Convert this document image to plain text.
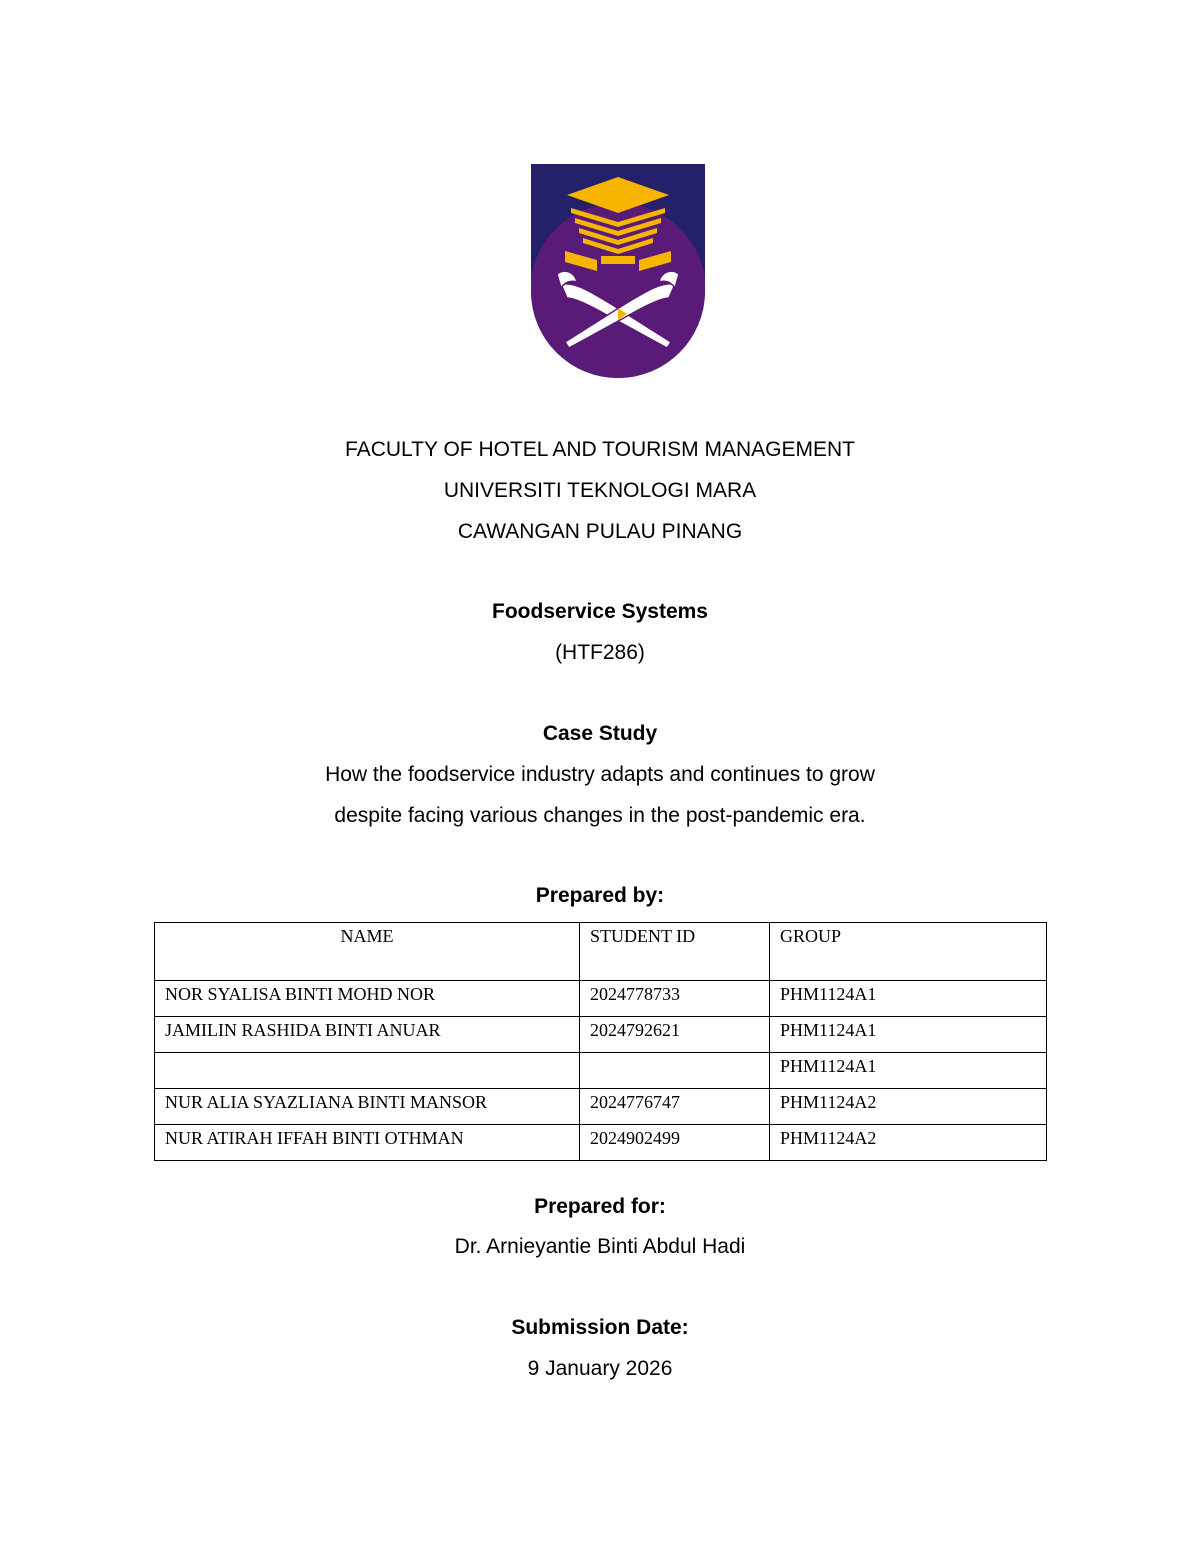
FACULTY OF HOTEL AND TOURISM MANAGEMENT
UNIVERSITI TEKNOLOGI MARA
CAWANGAN PULAU PINANG
Foodservice Systems
(HTF286)
Case Study
How the foodservice industry adapts and continues to grow
despite facing various changes in the post-pandemic era.
Prepared by:
NAME	STUDENT ID	GROUP
NOR SYALISA BINTI MOHD NOR	2024778733	PHM1124A1
JAMILIN RASHIDA BINTI ANUAR	2024792621	PHM1124A1
		PHM1124A1
NUR ALIA SYAZLIANA BINTI MANSOR	2024776747	PHM1124A2
NUR ATIRAH IFFAH BINTI OTHMAN	2024902499	PHM1124A2
Prepared for:
Dr. Arnieyantie Binti Abdul Hadi
Submission Date:
9 January 2026
